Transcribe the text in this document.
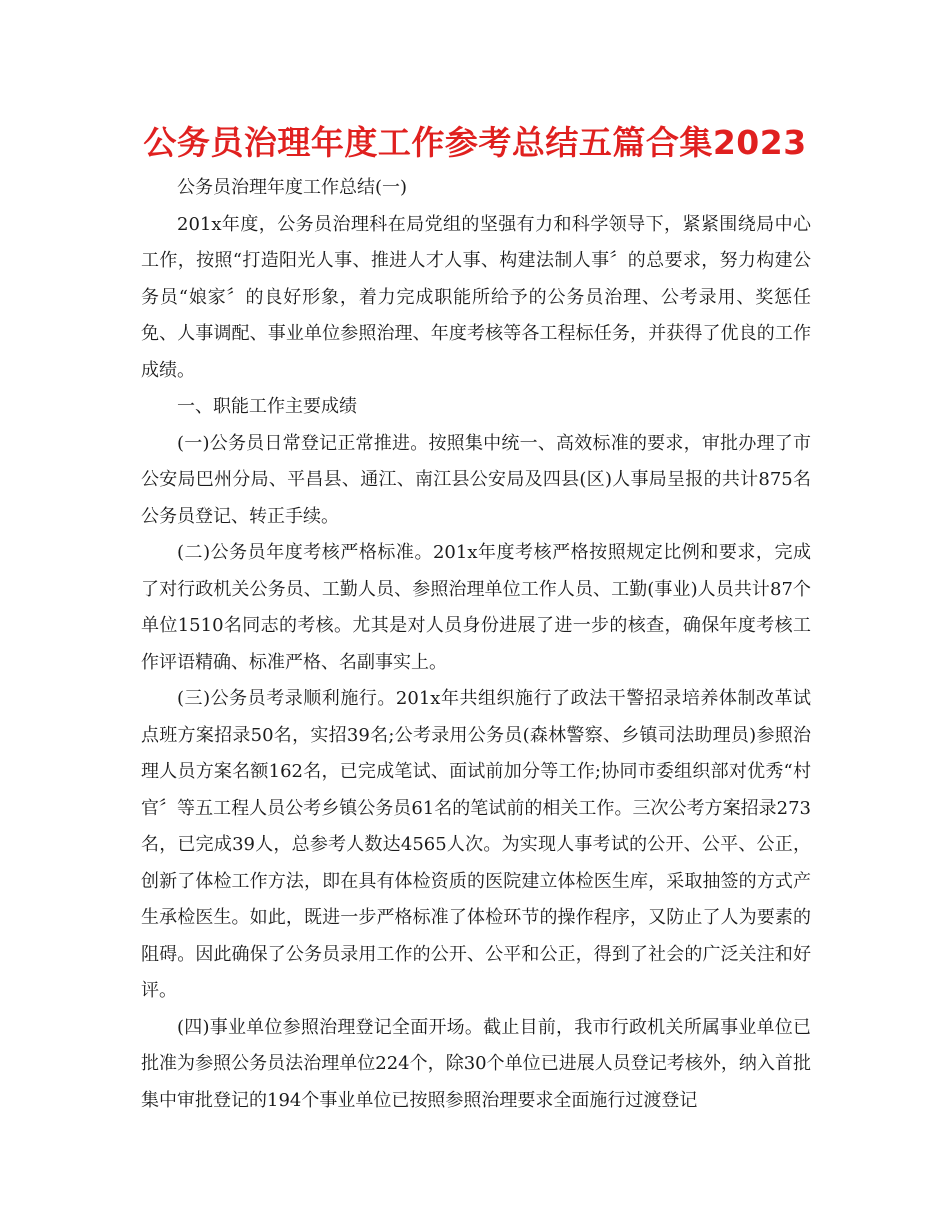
公务员治理年度工作参考总结五篇合集2023

公务员治理年度工作总结(一)

201x年度，公务员治理科在局党组的坚强有力和科学领导下，紧紧围绕局中心工作，按照“打造阳光人事、推进人才人事、构建法制人事〞的总要求，努力构建公务员“娘家〞的良好形象，着力完成职能所给予的公务员治理、公考录用、奖惩任免、人事调配、事业单位参照治理、年度考核等各工程标任务，并获得了优良的工作成绩。

一、职能工作主要成绩

(一)公务员日常登记正常推进。按照集中统一、高效标准的要求，审批办理了市公安局巴州分局、平昌县、通江、南江县公安局及四县(区)人事局呈报的共计875名公务员登记、转正手续。

(二)公务员年度考核严格标准。201x年度考核严格按照规定比例和要求，完成了对行政机关公务员、工勤人员、参照治理单位工作人员、工勤(事业)人员共计87个单位1510名同志的考核。尤其是对人员身份进展了进一步的核查，确保年度考核工作评语精确、标准严格、名副事实上。

(三)公务员考录顺利施行。201x年共组织施行了政法干警招录培养体制改革试点班方案招录50名，实招39名;公考录用公务员(森林警察、乡镇司法助理员)参照治理人员方案名额162名，已完成笔试、面试前加分等工作;协同市委组织部对优秀“村官〞等五工程人员公考乡镇公务员61名的笔试前的相关工作。三次公考方案招录273名，已完成39人，总参考人数达4565人次。为实现人事考试的公开、公平、公正，创新了体检工作方法，即在具有体检资质的医院建立体检医生库，采取抽签的方式产生承检医生。如此，既进一步严格标准了体检环节的操作程序，又防止了人为要素的阻碍。因此确保了公务员录用工作的公开、公平和公正，得到了社会的广泛关注和好评。

(四)事业单位参照治理登记全面开场。截止目前，我市行政机关所属事业单位已批准为参照公务员法治理单位224个，除30个单位已进展人员登记考核外，纳入首批集中审批登记的194个事业单位已按照参照治理要求全面施行过渡登记
